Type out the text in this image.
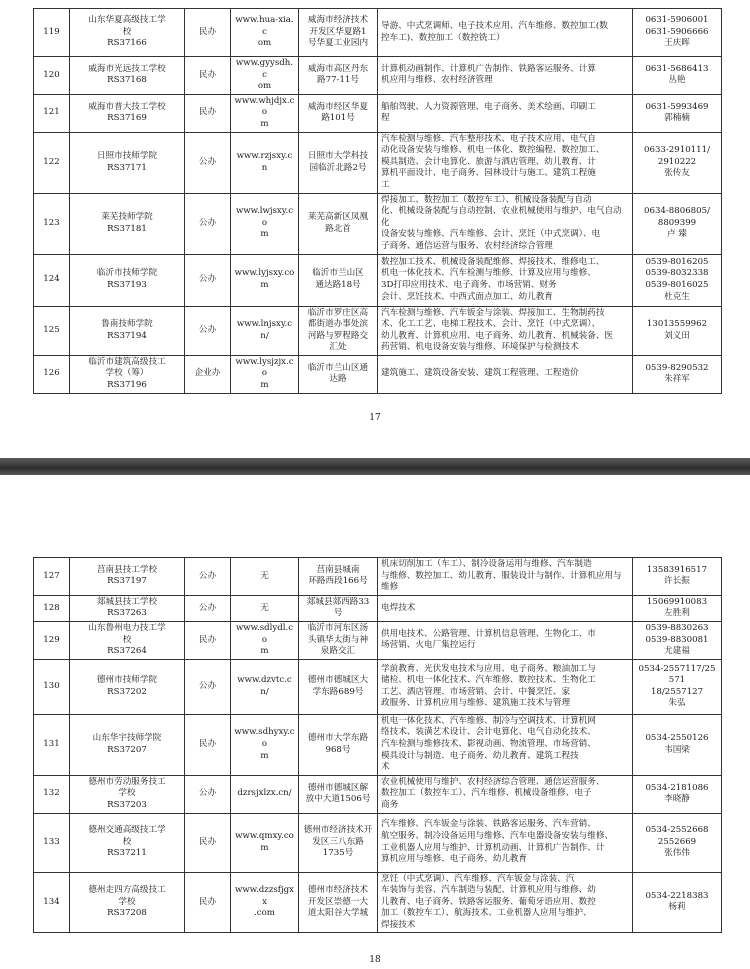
119	山东华夏高级技工学
校
RS37166	民办	www.hua-xia.c
om	威海市经济技术
开发区华夏路1
号华夏工业园内	导游、中式烹调师、电子技术应用、汽车维修、数控加工(数
控车工)、数控加工（数控铣工）	0631-5906001
0631-5906666
王庆晖

120	威海市光远技工学校
RS37168	民办	www.gyysdh.c
om	威海市高区丹东
路77-11号	计算机动画制作、计算机广告制作、铁路客运服务、计算
机应用与维修、农村经济管理	0631-5686413
丛艳

121	威海市普大技工学校
RS37169	民办	www.whjdjx.co
m	威海市经区华夏
路101号	船舶驾驶、人力资源管理、电子商务、美术绘画、印刷工
程	0631-5993469
郭楠楠

122	日照市技师学院
RS37171	公办	www.rzjsxy.cn	日照市大学科技
园临沂北路2号	汽车检测与维修、汽车整形技术、电子技术应用、电气自
动化设备安装与维修、机电一体化、数控编程、数控加工、
模具制造、会计电算化、旅游与酒店管理、幼儿教育、计
算机平面设计、电子商务、园林设计与施工、建筑工程施
工	0633-2910111/
2910222
张传友

123	莱芜技师学院
RS37181	公办	www.lwjsxy.co
m	莱芜高新区凤凰
路北首	焊接加工、数控加工（数控车工）、机械设备装配与自动
化、机械设备装配与自动控制、农业机械使用与维护、电气自动化
设备安装与维修、汽车维修、会计、烹饪（中式烹调）、电
子商务、通信运营与服务、农村经济综合管理	0634-8806805/
8809399
卢 臻

124	临沂市技师学院
RS37193	公办	www.lyjsxy.co
m	临沂市兰山区
通达路18号	数控加工技术、机械设备装配维修、焊接技术、维修电工、
机电一体化技术、汽车检测与维修、计算及应用与维修、
3D打印应用技术、电子商务、市场营销、财务
会计、烹饪技术、中西式面点加工、幼儿教育	0539-8016205
0539-8032338
0539-8016025
杜克生

125	鲁南技师学院
RS37194	公办	www.lnjsxy.cn/	临沂市罗庄区高
都街道办事处滨
河路与罗程路交
汇处	汽车检测与维修、汽车钣金与涂装、焊接加工、生物制药技
术、化工工艺、电梯工程技术、会计、烹饪（中式烹调）、
幼儿教育、计算机应用、电子商务、幼儿教育、机械装备、医
药营销、机电设备安装与维修、环境保护与检测技术	13013559962
刘义田

126	临沂市建筑高级技工
学校（筹）
RS37196	企业办	www.lysjzjx.co
m	临沂市兰山区通
达路	建筑施工、建筑设备安装、建筑工程管理、工程造价	0539-8290532
朱祥军
17
127	莒南县技工学校
RS37197	公办	无	莒南县城南
环路西段166号	机床切削加工（车工）、制冷设备运用与维修、汽车制造
与维修、数控加工、幼儿教育、服装设计与制作、计算机应用与维修	13583916517
许长振

128	郯城县技工学校
RS37263	公办	无	郯城县郯西路33
号	电焊技术	15069910083
左胜利

129	山东鲁州电力技工学
校
RS37264	民办	www.sdlydl.co
m	临沂市河东区汤
头镇华太街与神
泉路交汇	供用电技术、公路管理、计算机信息管理、生物化工、市
场营销、火电厂集控运行	0539-8830263
0539-8830081
尤建福

130	德州市技师学院
RS37202	公办	www.dzvtc.cn/	德州市德城区大
学东路689号	学前教育、光伏发电技术与应用、电子商务、粮油加工与
储检、机电一体化技术、汽车维修、数控技术、生物化工
工艺、酒店管理、市场营销、会计、中餐烹饪、家
政服务、计算机应用与维修、建筑施工技术与管理	0534-2557117/25571
18/2557127
朱弘

131	山东华宇技师学院
RS37207	民办	www.sdhyxy.co
m	德州市大学东路
968号	机电一体化技术、汽车维修、制冷与空调技术、计算机网
络技术、装潢艺术设计、会计电算化、电气自动化技术、
汽车检测与维修技术、影视动画、物流管理、市场营销、
模具设计与制造、电子商务、幼儿教育、建筑工程技
术	0534-2550126
韦国梁

132	德州市劳动服务技工
学校
RS37203	公办	dzrsjxlzx.cn/	德州市德城区解
放中大道1506号	农业机械使用与维护、农村经济综合管理、通信运营服务、
数控加工（数控车工）、汽车维修、机械设备维修、电子
商务	0534-2181086
李晓静

133	德州交通高级技工学
校
RS37211	民办	www.qmxy.co
m	德州市经济技术开
发区三八东路
1735号	汽车维修、汽车钣金与涂装、铁路客运服务、汽车营销、
航空服务、制冷设备运用与维修、汽车电器设备安装与维修、
工业机器人应用与维护、计算机动画、计算机广告制作、计
算机应用与维修、电子商务、幼儿教育	0534-2552668
2552669
张伟伟

134	德州走四方高级技工
学校
RS37208	民办	www.dzzsfjgxx
.com	德州市经济技术
开发区崇德一大
道太阳谷大学城	烹饪（中式烹调）、汽车维修、汽车钣金与涂装、汽
车装饰与美容、汽车制造与装配、计算机应用与维修、幼
儿教育、电子商务、铁路客运服务、葡萄牙语应用、数控
加工（数控车工）、航海技术、工业机器人应用与维护、
焊接技术	0534-2218383
杨莉
18
